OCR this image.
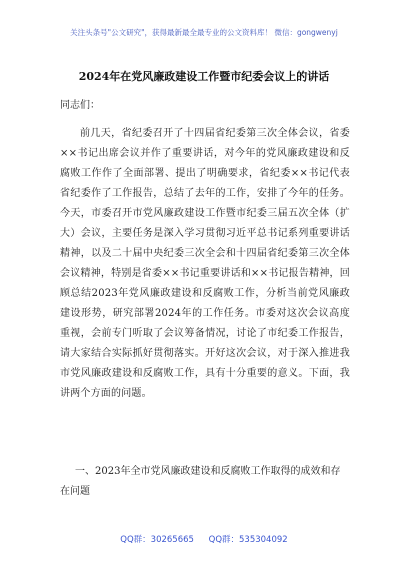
关注头条号"公文研究"，获得最新最全最专业的公文资料库！ 微信：gongwenyj
2024年在党风廉政建设工作暨市纪委会议上的讲话
同志们：

前几天，省纪委召开了十四届省纪委第三次全体会议，省委××书记出席会议并作了重要讲话，对今年的党风廉政建设和反腐败工作作了全面部署、提出了明确要求，省纪委××书记代表省纪委作了工作报告，总结了去年的工作，安排了今年的任务。今天，市委召开市党风廉政建设工作暨市纪委三届五次全体（扩大）会议，主要任务是深入学习贯彻习近平总书记系列重要讲话精神，以及二十届中央纪委三次全会和十四届省纪委第三次全体会议精神，特别是省委××书记重要讲话和××书记报告精神，回顾总结2023年党风廉政建设和反腐败工作，分析当前党风廉政建设形势，研究部署2024年的工作任务。市委对这次会议高度重视，会前专门听取了会议筹备情况，讨论了市纪委工作报告，请大家结合实际抓好贯彻落实。开好这次会议，对于深入推进我市党风廉政建设和反腐败工作，具有十分重要的意义。下面，我讲两个方面的问题。

一、2023年全市党风廉政建设和反腐败工作取得的成效和存在问题
QQ群：30265665 QQ群：535304092
